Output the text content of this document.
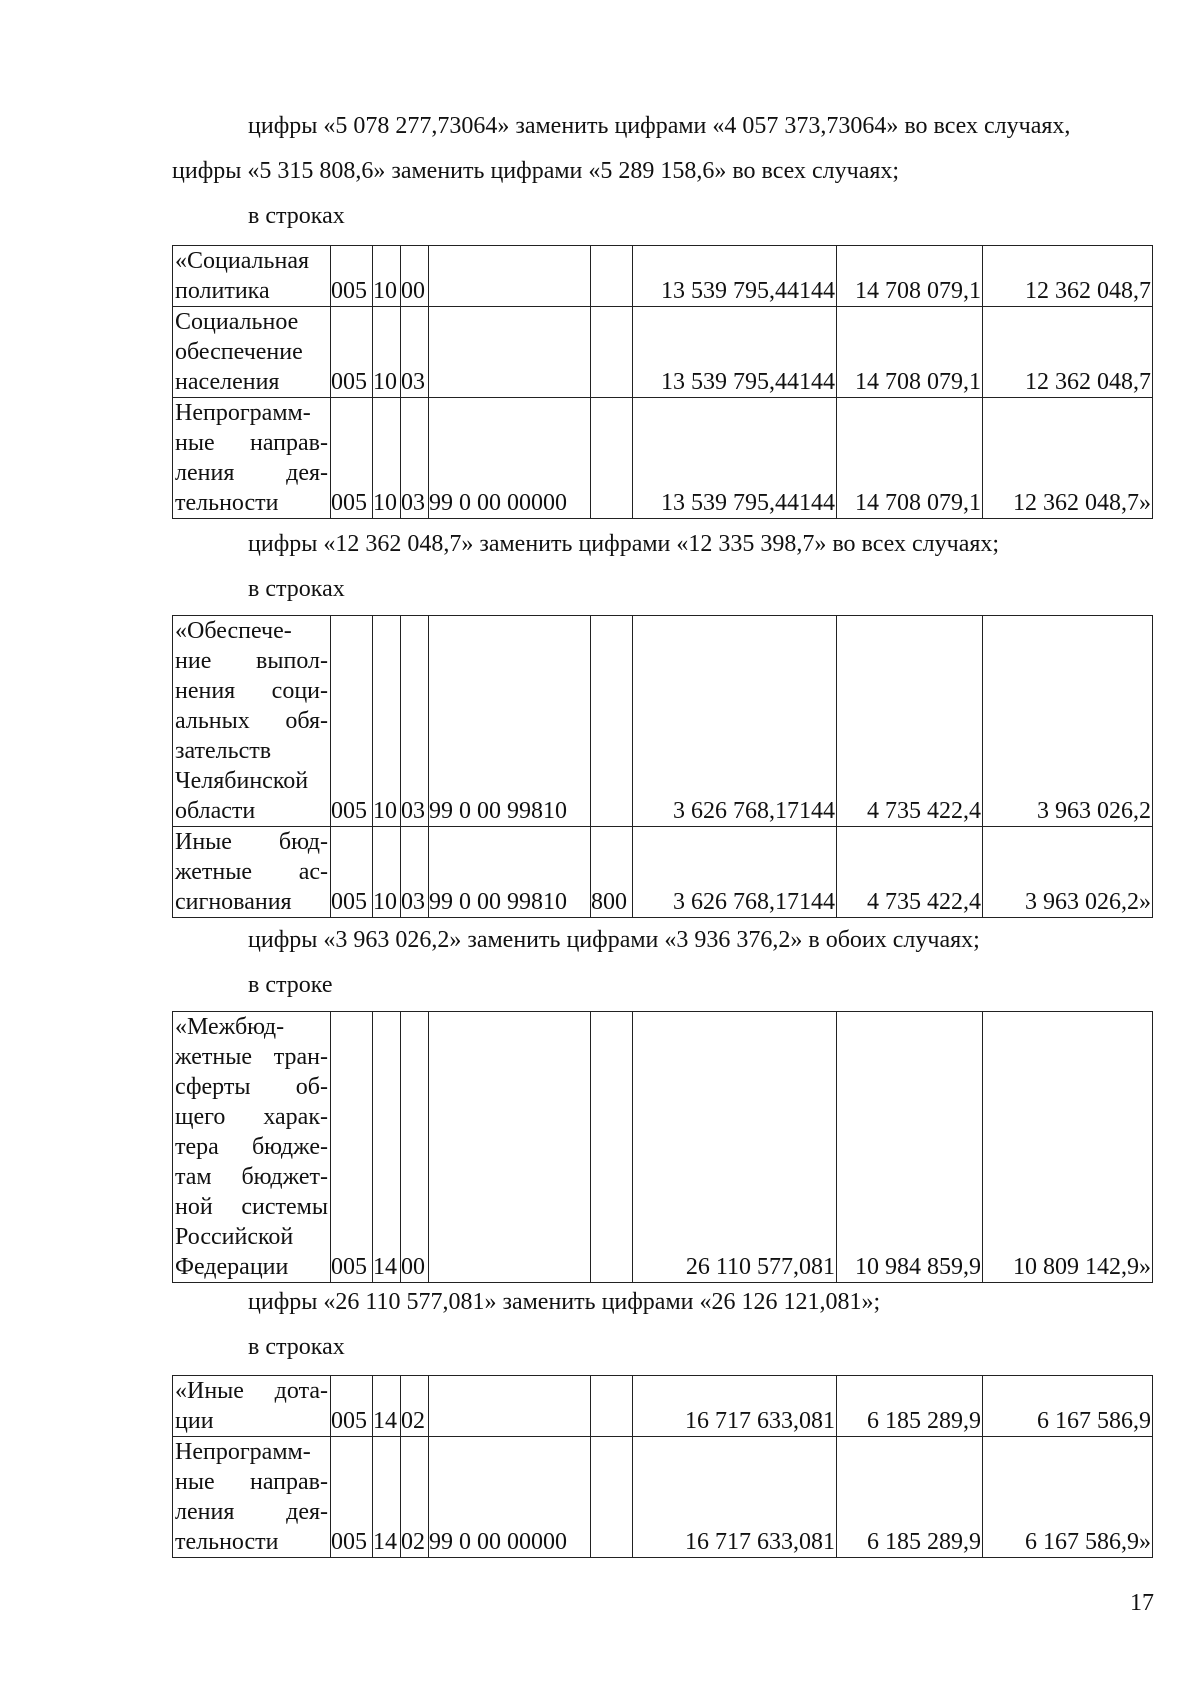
цифры «5 078 277,73064» заменить цифрами «4 057 373,73064» во всех случаях,
цифры «5 315 808,6» заменить цифрами «5 289 158,6» во всех случаях;
в строках
«Социальная политика	005	10	00			13 539 795,44144	14 708 079,1	12 362 048,7
Социальное обеспечение населения	005	10	03			13 539 795,44144	14 708 079,1	12 362 048,7
Непрограмм-ные направ-ления дея-тельности	005	10	03	99 0 00 00000		13 539 795,44144	14 708 079,1	12 362 048,7»
цифры «12 362 048,7» заменить цифрами «12 335 398,7» во всех случаях;
в строках
«Обеспече-ние выпол-нения соци-альных обя-зательств Челябинской области	005	10	03	99 0 00 99810		3 626 768,17144	4 735 422,4	3 963 026,2
Иные бюд-жетные ас-сигнования	005	10	03	99 0 00 99810	800	3 626 768,17144	4 735 422,4	3 963 026,2»
цифры «3 963 026,2» заменить цифрами «3 936 376,2» в обоих случаях;
в строке
«Межбюд-жетные тран-сферты об-щего харак-тера бюдже-там бюджет-ной системы Российской Федерации	005	14	00			26 110 577,081	10 984 859,9	10 809 142,9»
цифры «26 110 577,081» заменить цифрами «26 126 121,081»;
в строках
«Иные дота-ции	005	14	02			16 717 633,081	6 185 289,9	6 167 586,9
Непрограмм-ные направ-ления дея-тельности	005	14	02	99 0 00 00000		16 717 633,081	6 185 289,9	6 167 586,9»
17
